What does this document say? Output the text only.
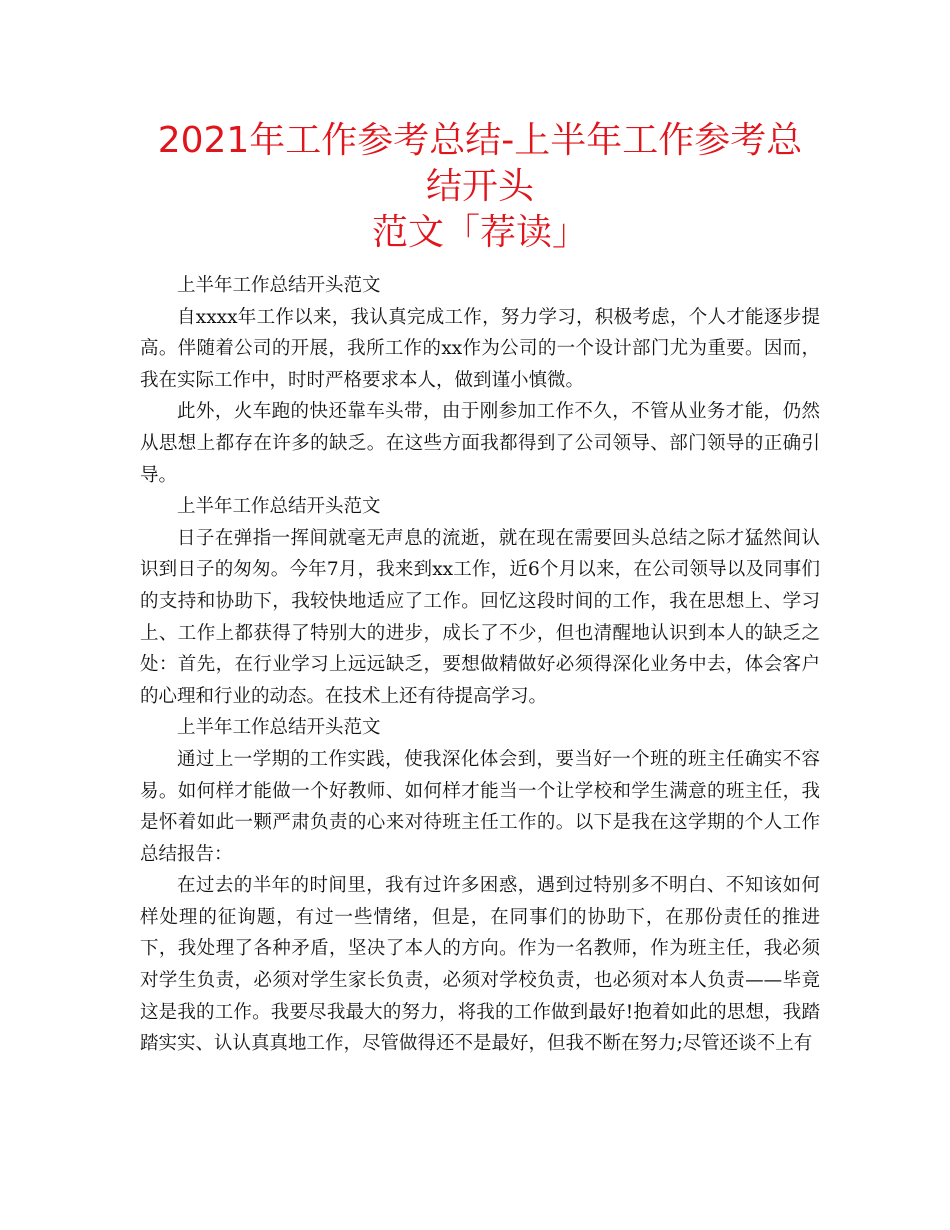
2021年工作参考总结-上半年工作参考总结开头
范文「荐读」

上半年工作总结开头范文

自xxxx年工作以来，我认真完成工作，努力学习，积极考虑，个人才能逐步提高。伴随着公司的开展，我所工作的xx作为公司的一个设计部门尤为重要。因而，我在实际工作中，时时严格要求本人，做到谨小慎微。

此外，火车跑的快还靠车头带，由于刚参加工作不久，不管从业务才能，仍然从思想上都存在许多的缺乏。在这些方面我都得到了公司领导、部门领导的正确引导。

上半年工作总结开头范文

日子在弹指一挥间就毫无声息的流逝，就在现在需要回头总结之际才猛然间认识到日子的匆匆。今年7月，我来到xx工作，近6个月以来，在公司领导以及同事们的支持和协助下，我较快地适应了工作。回忆这段时间的工作，我在思想上、学习上、工作上都获得了特别大的进步，成长了不少，但也清醒地认识到本人的缺乏之处：首先，在行业学习上远远缺乏，要想做精做好必须得深化业务中去，体会客户的心理和行业的动态。在技术上还有待提高学习。

上半年工作总结开头范文

通过上一学期的工作实践，使我深化体会到，要当好一个班的班主任确实不容易。如何样才能做一个好教师、如何样才能当一个让学校和学生满意的班主任，我是怀着如此一颗严肃负责的心来对待班主任工作的。以下是我在这学期的个人工作总结报告：

在过去的半年的时间里，我有过许多困惑，遇到过特别多不明白、不知该如何样处理的征询题，有过一些情绪，但是，在同事们的协助下，在那份责任的推进下，我处理了各种矛盾，坚决了本人的方向。作为一名教师，作为班主任，我必须对学生负责，必须对学生家长负责，必须对学校负责，也必须对本人负责——毕竟这是我的工作。我要尽我最大的努力，将我的工作做到最好!抱着如此的思想，我踏踏实实、认认真真地工作，尽管做得还不是最好，但我不断在努力;尽管还谈不上有
